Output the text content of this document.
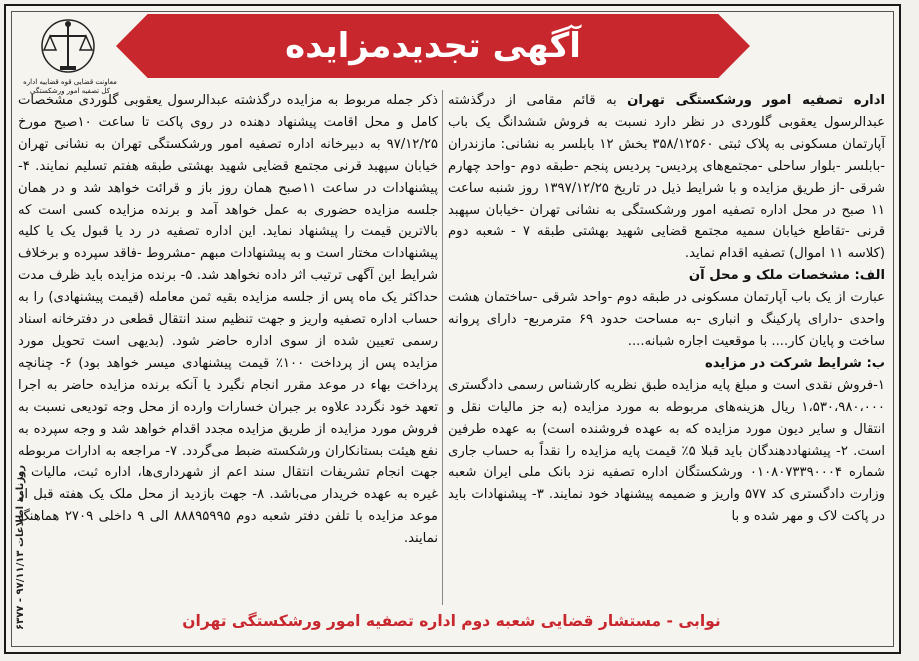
آگهی تجدیدمزایده
معاونت قضایی قوه قضاییه اداره کل تصفیه امور ورشکستگی

اداره تصفیه امور ورشکستگی تهران به قائم مقامی از درگذشته عبدالرسول یعقوبی گلوردی در نظر دارد نسبت به فروش ششدانگ یک باب آپارتمان مسکونی به پلاک ثبتی ۳۵۸/۱۲۵۶۰ بخش ۱۲ بابلسر به نشانی: مازندران -بابلسر -بلوار ساحلی -مجتمع‌های پردیس- پردیس پنجم -طبقه دوم -واحد چهارم شرقی -از طریق مزایده و با شرایط ذیل در تاریخ ۱۳۹۷/۱۲/۲۵ روز شنبه ساعت ۱۱ صبح در محل اداره تصفیه امور ورشکستگی به نشانی تهران -خیابان سپهبد قرنی -تقاطع خیابان سمیه مجتمع قضایی شهید بهشتی طبقه ۷ - شعبه دوم (کلاسه ۱۱ اموال) تصفیه اقدام نماید.

الف: مشخصات ملک و محل آن

عبارت از یک باب آپارتمان مسکونی در طبقه دوم -واحد شرقی -ساختمان هشت واحدی -دارای پارکینگ و انباری -به مساحت حدود ۶۹ مترمربع- دارای پروانه ساخت و پایان کار.... با موقعیت اجاره شبانه....

ب: شرایط شرکت در مزایده

۱-فروش نقدی است و مبلغ پایه مزایده طبق نظریه کارشناس رسمی دادگستری ۱،۵۳۰،۹۸۰،۰۰۰ ریال هزینه‌های مربوطه به مورد مزایده (به جز مالیات نقل و انتقال و سایر دیون مورد مزایده که به عهده فروشنده است) به عهده طرفین است. ۲- پیشنهاددهندگان باید قبلا ۵٪ قیمت پایه مزایده را نقداً به حساب جاری شماره ۰۱۰۸۰۷۳۳۹۰۰۰۴ ورشکستگان اداره تصفیه نزد بانک ملی ایران شعبه وزارت دادگستری کد ۵۷۷ واریز و ضمیمه پیشنهاد خود نمایند. ۳- پیشنهادات باید در پاکت لاک و مهر شده و با

ذکر جمله مربوط به مزایده درگذشته عبدالرسول یعقوبی گلوردی مشخصات کامل و محل اقامت پیشنهاد دهنده در روی پاکت تا ساعت ۱۰صبح مورخ ۹۷/۱۲/۲۵ به دبیرخانه اداره تصفیه امور ورشکستگی تهران به نشانی تهران خیابان سپهبد قرنی مجتمع قضایی شهید بهشتی طبقه هفتم تسلیم نمایند. ۴- پیشنهادات در ساعت ۱۱صبح همان روز باز و قرائت خواهد شد و در همان جلسه مزایده حضوری به عمل خواهد آمد و برنده مزایده کسی است که بالاترین قیمت را پیشنهاد نماید. این اداره تصفیه در رد یا قبول یک یا کلیه پیشنهادات مختار است و به پیشنهادات مبهم -مشروط -فاقد سپرده و برخلاف شرایط این آگهی ترتیب اثر داده نخواهد شد. ۵- برنده مزایده باید ظرف مدت حداکثر یک ماه پس از جلسه مزایده بقیه ثمن معامله (قیمت پیشنهادی) را به حساب اداره تصفیه واریز و جهت تنظیم سند انتقال قطعی در دفترخانه اسناد رسمی تعیین شده از سوی اداره حاضر شود. (بدیهی است تحویل مورد مزایده پس از پرداخت ۱۰۰٪ قیمت پیشنهادی میسر خواهد بود) ۶- چنانچه پرداخت بهاء در موعد مقرر انجام نگیرد یا آنکه برنده مزایده حاضر به اجرا تعهد خود نگردد علاوه بر جبران خسارات وارده از محل وجه تودیعی نسبت به فروش مورد مزایده از طریق مزایده مجدد اقدام خواهد شد و وجه سپرده به نفع هیئت بستانکاران ورشکسته ضبط می‌گردد. ۷- مراجعه به ادارات مربوطه جهت انجام تشریفات انتقال سند اعم از شهرداری‌ها، اداره ثبت، مالیات و غیره به عهده خریدار می‌باشد. ۸- جهت بازدید از محل ملک یک هفته قبل از موعد مزایده با تلفن دفتر شعبه دوم ۸۸۸۹۵۹۹۵ الی ۹ داخلی ۲۷۰۹ هماهنگ نمایند.

نوابی - مستشار قضایی شعبه دوم اداره تصفیه امور ورشکستگی تهران
روزنامه اطلاعات ۹۷/۱۱/۱۳ - ۶۳۷۷
